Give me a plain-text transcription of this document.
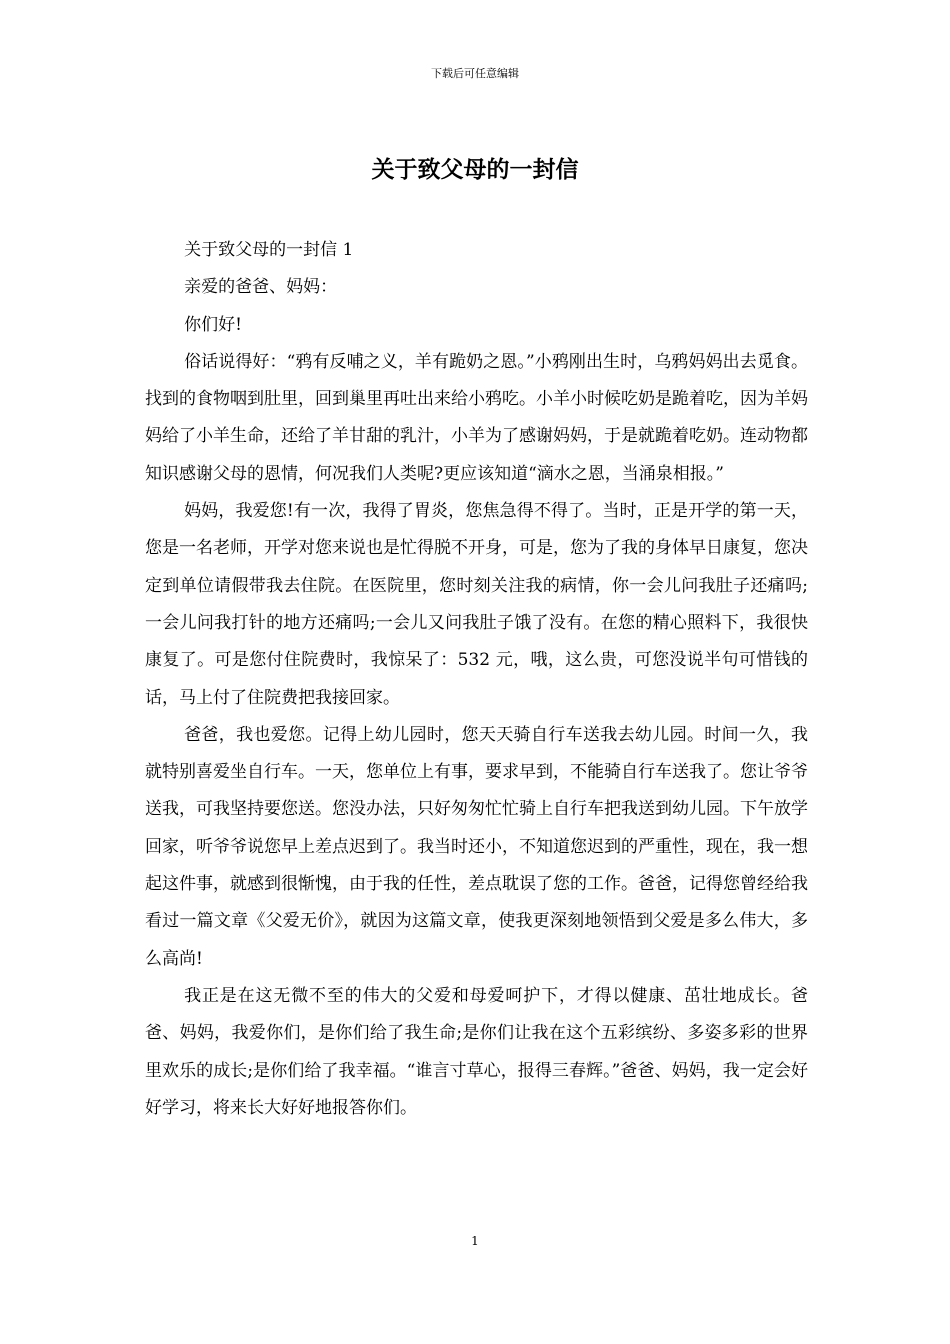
下载后可任意编辑
关于致父母的一封信

关于致父母的一封信 1

亲爱的爸爸、妈妈：

你们好!

俗话说得好：“鸦有反哺之义，羊有跪奶之恩。”小鸦刚出生时，乌鸦妈妈出去觅食。找到的食物咽到肚里，回到巢里再吐出来给小鸦吃。小羊小时候吃奶是跪着吃，因为羊妈妈给了小羊生命，还给了羊甘甜的乳汁，小羊为了感谢妈妈，于是就跪着吃奶。连动物都知识感谢父母的恩情，何况我们人类呢?更应该知道“滴水之恩，当涌泉相报。”

妈妈，我爱您!有一次，我得了胃炎，您焦急得不得了。当时，正是开学的第一天，您是一名老师，开学对您来说也是忙得脱不开身，可是，您为了我的身体早日康复，您决定到单位请假带我去住院。在医院里，您时刻关注我的病情，你一会儿问我肚子还痛吗;一会儿问我打针的地方还痛吗;一会儿又问我肚子饿了没有。在您的精心照料下，我很快康复了。可是您付住院费时，我惊呆了：532 元，哦，这么贵，可您没说半句可惜钱的话，马上付了住院费把我接回家。

爸爸，我也爱您。记得上幼儿园时，您天天骑自行车送我去幼儿园。时间一久，我就特别喜爱坐自行车。一天，您单位上有事，要求早到，不能骑自行车送我了。您让爷爷送我，可我坚持要您送。您没办法，只好匆匆忙忙骑上自行车把我送到幼儿园。下午放学回家，听爷爷说您早上差点迟到了。我当时还小，不知道您迟到的严重性，现在，我一想起这件事，就感到很惭愧，由于我的任性，差点耽误了您的工作。爸爸，记得您曾经给我看过一篇文章《父爱无价》，就因为这篇文章，使我更深刻地领悟到父爱是多么伟大，多么高尚!

我正是在这无微不至的伟大的父爱和母爱呵护下，才得以健康、茁壮地成长。爸爸、妈妈，我爱你们，是你们给了我生命;是你们让我在这个五彩缤纷、多姿多彩的世界里欢乐的成长;是你们给了我幸福。“谁言寸草心，报得三春辉。”爸爸、妈妈，我一定会好好学习，将来长大好好地报答你们。

1
